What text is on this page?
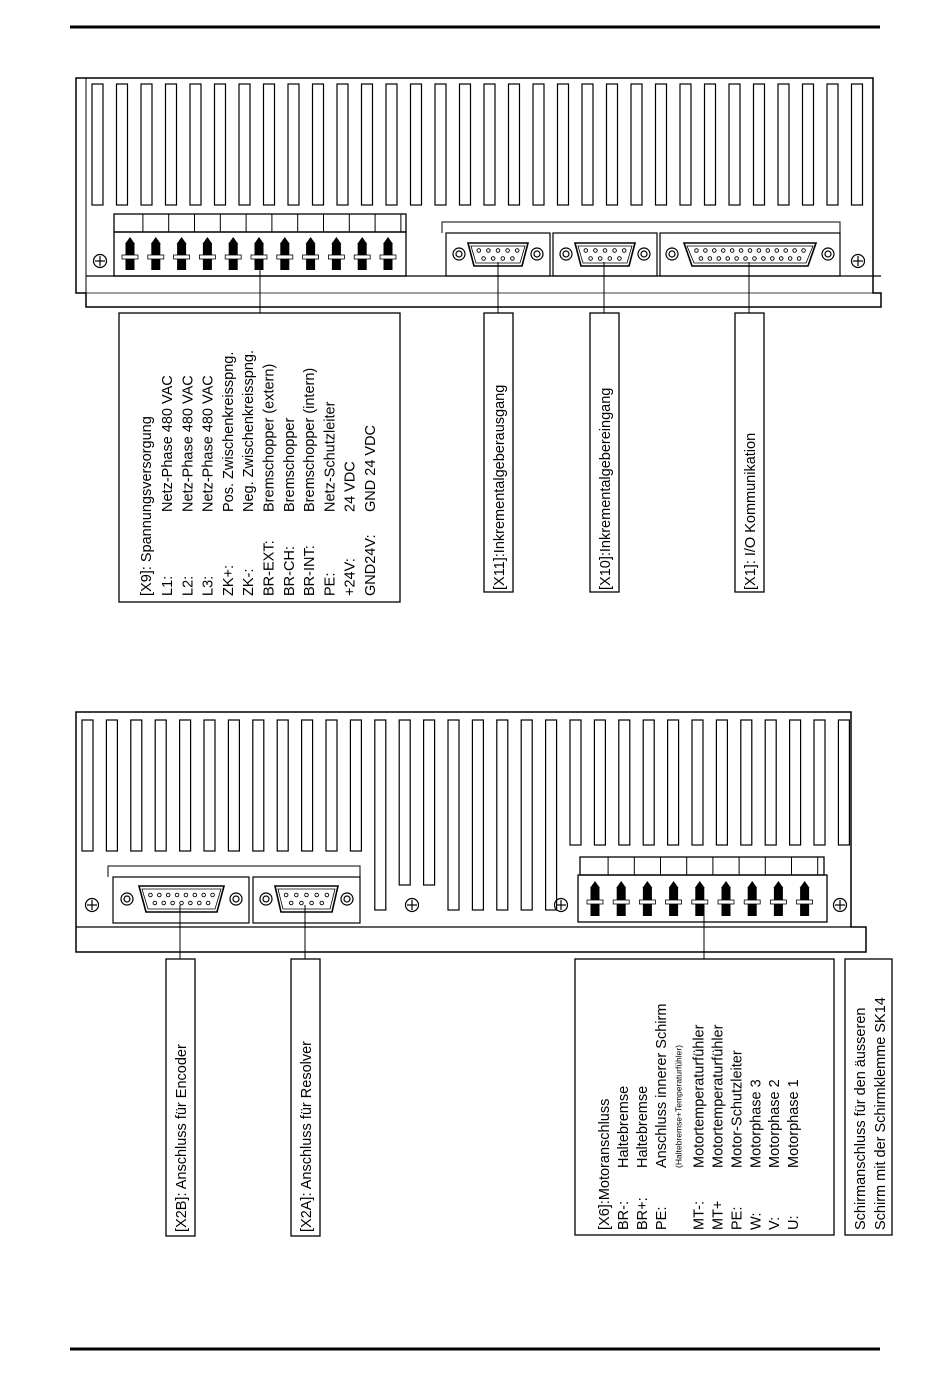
[X9]: Spannungsversorgung L1:
Netz-Phase 480 VAC
L2:
Netz-Phase 480 VAC
L3:
Netz-Phase 480 VAC
ZK+:
Pos. Zwischenkreisspng.
ZK-:
Neg. Zwischenkreisspng.
BR-EXT:
Bremschopper (extern)
BR-CH:
Bremschopper
BR-INT:
Bremschopper (intern)
PE:
Netz-Schutzleiter
+24V:
24 VDC
GND24V:
GND 24 VDC	[X11]:Inkrementalgeberausgang	[X10]:Inkrementalgebereingang	[X1]: I/O Kommunikation
[X2B]: Anschluss für Encoder	[X2A]: Anschluss für Resolver	[X6]:Motoranschluss BR-:
Haltebremse
BR+:
Haltebremse
PE:
Anschluss innerer Schirm (Haltebremse+Temperaturfühler)
MT-:
Motortemperaturfühler
MT+
Motortemperaturfühler
PE:
Motor-Schutzleiter
W:
Motorphase 3
V:
Motorphase 2
U:
Motorphase 1	Schirmanschluss für den äusseren Schirm mit der Schirmklemme SK14
